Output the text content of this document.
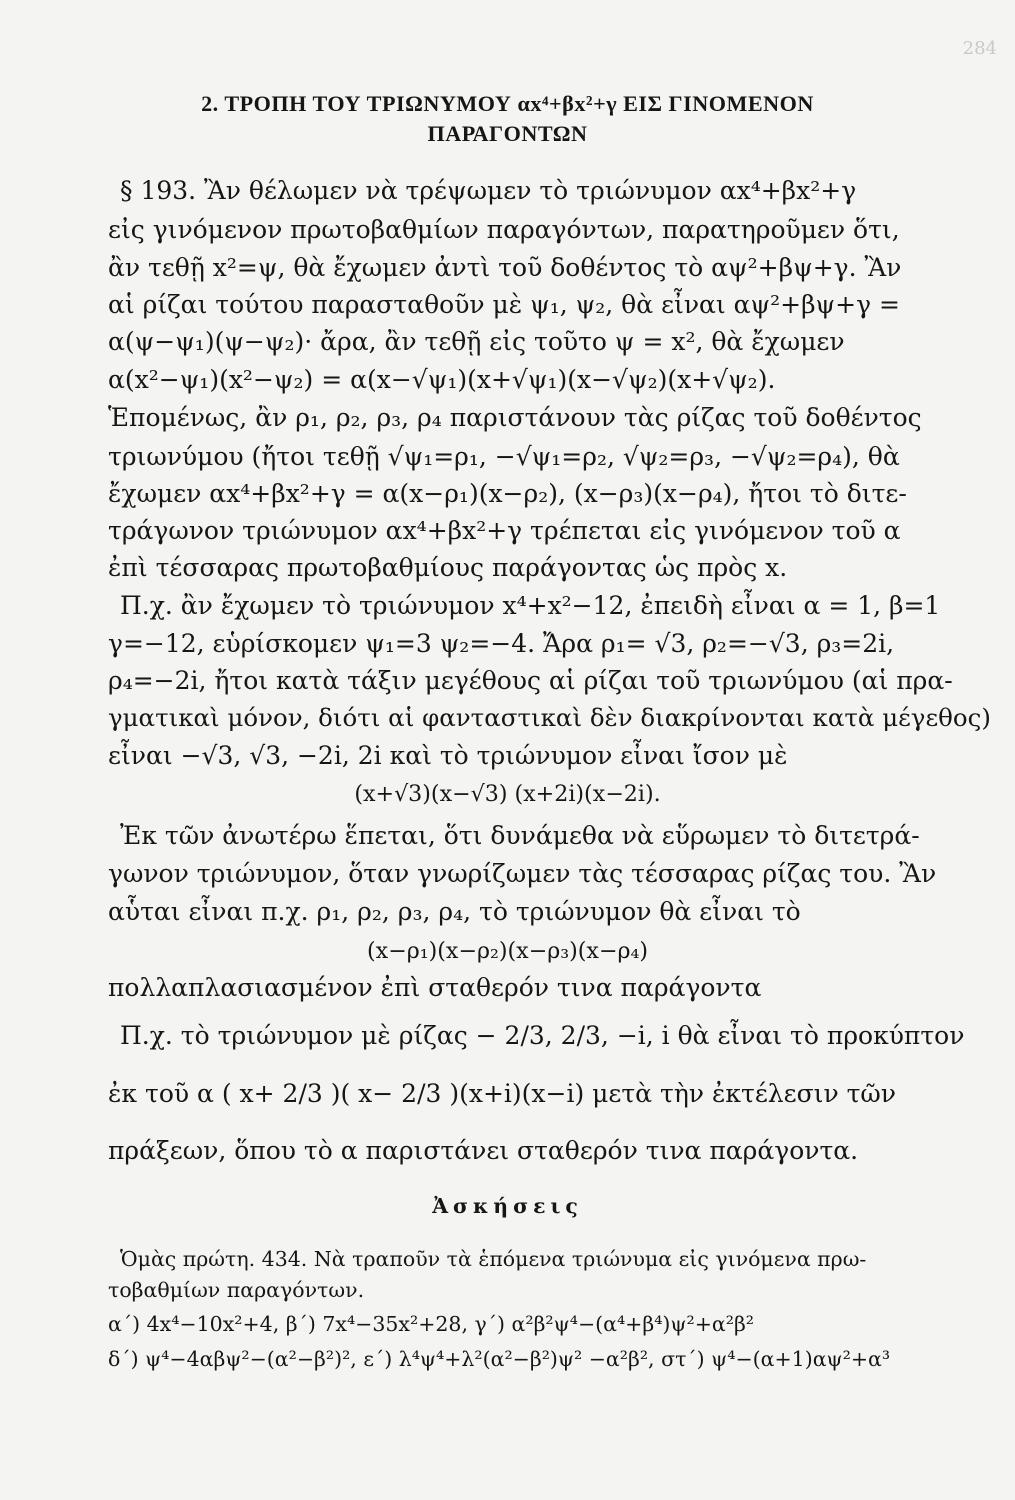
284
2. ΤΡΟΠΗ ΤΟΥ ΤΡΙΩΝΥΜΟΥ αx⁴+βx²+γ ΕΙΣ ΓΙΝΟΜΕΝΟΝ
ΠΑΡΑΓΟΝΤΩΝ
§ 193. Ἂν θέλωμεν νὰ τρέψωμεν τὸ τριώνυμον αx⁴+βx²+γ
εἰς γινόμενον πρωτοβαθμίων παραγόντων, παρατηροῦμεν ὅτι,
ἂν τεθῇ x²=ψ, θὰ ἔχωμεν ἀντὶ τοῦ δοθέντος τὸ αψ²+βψ+γ. Ἂν
αἱ ρίζαι τούτου παρασταθοῦν μὲ ψ₁, ψ₂, θὰ εἶναι αψ²+βψ+γ =
α(ψ−ψ₁)(ψ−ψ₂)· ἄρα, ἂν τεθῇ εἰς τοῦτο ψ = x², θὰ ἔχωμεν
α(x²−ψ₁)(x²−ψ₂) = α(x−√ψ₁)(x+√ψ₁)(x−√ψ₂)(x+√ψ₂).
Ἑπομένως, ἂν ρ₁, ρ₂, ρ₃, ρ₄ παριστάνουν τὰς ρίζας τοῦ δοθέντος
τριωνύμου (ἤτοι τεθῇ √ψ₁=ρ₁, −√ψ₁=ρ₂, √ψ₂=ρ₃, −√ψ₂=ρ₄), θὰ
ἔχωμεν αx⁴+βx²+γ = α(x−ρ₁)(x−ρ₂), (x−ρ₃)(x−ρ₄), ἤτοι τὸ διτε-
τράγωνον τριώνυμον αx⁴+βx²+γ τρέπεται εἰς γινόμενον τοῦ α
ἐπὶ τέσσαρας πρωτοβαθμίους παράγοντας ὡς πρὸς x.
Π.χ. ἂν ἔχωμεν τὸ τριώνυμον x⁴+x²−12, ἐπειδὴ εἶναι α = 1, β=1
γ=−12, εὑρίσκομεν ψ₁=3 ψ₂=−4. Ἄρα ρ₁= √3, ρ₂=−√3, ρ₃=2i,
ρ₄=−2i, ἤτοι κατὰ τάξιν μεγέθους αἱ ρίζαι τοῦ τριωνύμου (αἱ πρα-
γματικαὶ μόνον, διότι αἱ φανταστικαὶ δὲν διακρίνονται κατὰ μέγεθος)
εἶναι −√3, √3, −2i, 2i καὶ τὸ τριώνυμον εἶναι ἴσον μὲ
(x+√3)(x−√3) (x+2i)(x−2i).
Ἐκ τῶν ἀνωτέρω ἕπεται, ὅτι δυνάμεθα νὰ εὕρωμεν τὸ διτετρά-
γωνον τριώνυμον, ὅταν γνωρίζωμεν τὰς τέσσαρας ρίζας του. Ἂν
αὗται εἶναι π.χ. ρ₁, ρ₂, ρ₃, ρ₄, τὸ τριώνυμον θὰ εἶναι τὸ
(x−ρ₁)(x−ρ₂)(x−ρ₃)(x−ρ₄)
πολλαπλασιασμένον ἐπὶ σταθερόν τινα παράγοντα
Π.χ. τὸ τριώνυμον μὲ ρίζας − 2/3, 2/3, −i, i θὰ εἶναι τὸ προκύπτον
ἐκ τοῦ α ( x+ 2/3 )( x− 2/3 )(x+i)(x−i) μετὰ τὴν ἐκτέλεσιν τῶν
πράξεων, ὅπου τὸ α παριστάνει σταθερόν τινα παράγοντα.
Ἀσκήσεις
Ὁμὰς πρώτη. 434. Νὰ τραποῦν τὰ ἑπόμενα τριώνυμα εἰς γινόμενα πρω-
τοβαθμίων παραγόντων.
α΄) 4x⁴−10x²+4, β΄) 7x⁴−35x²+28, γ΄) α²β²ψ⁴−(α⁴+β⁴)ψ²+α²β²
δ΄) ψ⁴−4αβψ²−(α²−β²)², ε΄) λ⁴ψ⁴+λ²(α²−β²)ψ² −α²β², στ΄) ψ⁴−(α+1)αψ²+α³
